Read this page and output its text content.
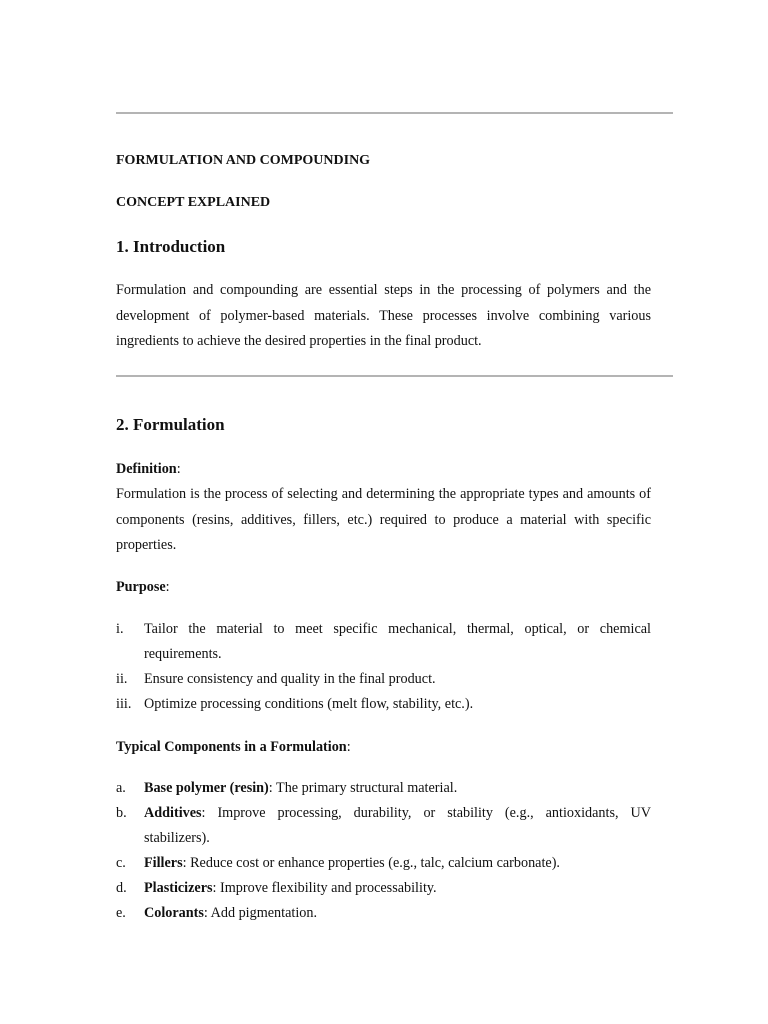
FORMULATION AND COMPOUNDING
CONCEPT EXPLAINED
1. Introduction
Formulation and compounding are essential steps in the processing of polymers and the development of polymer-based materials. These processes involve combining various ingredients to achieve the desired properties in the final product.
2. Formulation
Definition:
Formulation is the process of selecting and determining the appropriate types and amounts of components (resins, additives, fillers, etc.) required to produce a material with specific properties.
Purpose:
i. Tailor the material to meet specific mechanical, thermal, optical, or chemical requirements.
ii. Ensure consistency and quality in the final product.
iii. Optimize processing conditions (melt flow, stability, etc.).
Typical Components in a Formulation:
a. Base polymer (resin): The primary structural material.
b. Additives: Improve processing, durability, or stability (e.g., antioxidants, UV stabilizers).
c. Fillers: Reduce cost or enhance properties (e.g., talc, calcium carbonate).
d. Plasticizers: Improve flexibility and processability.
e. Colorants: Add pigmentation.
